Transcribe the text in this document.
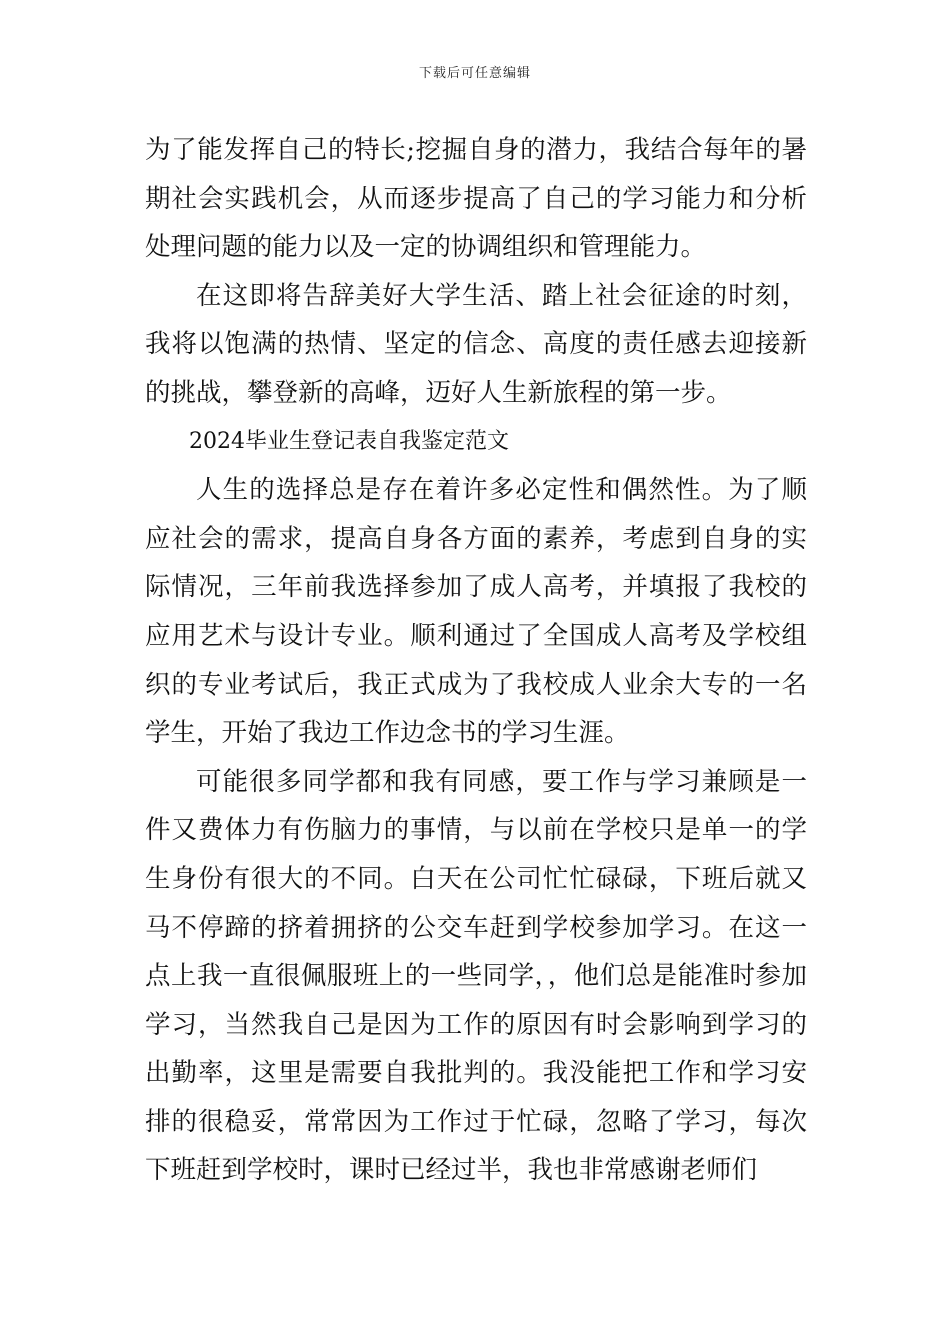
下载后可任意编辑

为了能发挥自己的特长;挖掘自身的潜力，我结合每年的暑期社会实践机会，从而逐步提高了自己的学习能力和分析处理问题的能力以及一定的协调组织和管理能力。

在这即将告辞美好大学生活、踏上社会征途的时刻，我将以饱满的热情、坚定的信念、高度的责任感去迎接新的挑战，攀登新的高峰，迈好人生新旅程的第一步。

2024毕业生登记表自我鉴定范文

人生的选择总是存在着许多必定性和偶然性。为了顺应社会的需求，提高自身各方面的素养，考虑到自身的实际情况，三年前我选择参加了成人高考，并填报了我校的应用艺术与设计专业。顺利通过了全国成人高考及学校组织的专业考试后，我正式成为了我校成人业余大专的一名学生，开始了我边工作边念书的学习生涯。

可能很多同学都和我有同感，要工作与学习兼顾是一件又费体力有伤脑力的事情，与以前在学校只是单一的学生身份有很大的不同。白天在公司忙忙碌碌，下班后就又马不停蹄的挤着拥挤的公交车赶到学校参加学习。在这一点上我一直很佩服班上的一些同学，，他们总是能准时参加学习，当然我自己是因为工作的原因有时会影响到学习的出勤率，这里是需要自我批判的。我没能把工作和学习安排的很稳妥，常常因为工作过于忙碌，忽略了学习，每次下班赶到学校时，课时已经过半，我也非常感谢老师们
